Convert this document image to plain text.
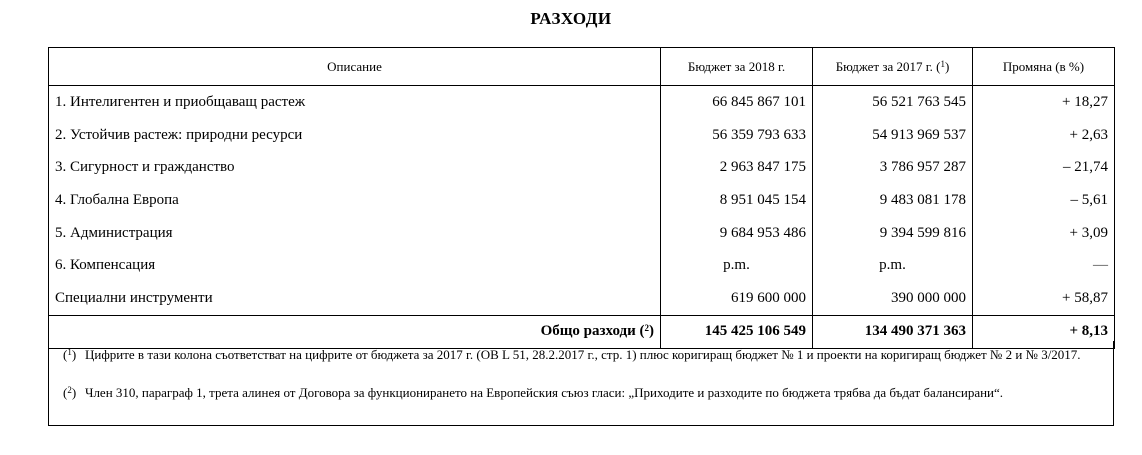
РАЗХОДИ
Описание	Бюджет за 2018 г.	Бюджет за 2017 г. ($^1$)	Промяна (в %)
1. Интелигентен и приобщаващ растеж	66 845 867 101	56 521 763 545	+ 18,27
2. Устойчив растеж: природни ресурси	56 359 793 633	54 913 969 537	+ 2,63
3. Сигурност и гражданство	2 963 847 175	3 786 957 287	– 21,74
4. Глобална Европа	8 951 045 154	9 483 081 178	– 5,61
5. Администрация	9 684 953 486	9 394 599 816	+ 3,09
6. Компенсация	p.m.	p.m.	—
Специални инструменти	619 600 000	390 000 000	+ 58,87
Общо разходи ($^2$)	145 425 106 549	134 490 371 363	+ 8,13
($^1$) Цифрите в тази колона съответстват на цифрите от бюджета за 2017 г. (OB L 51, 28.2.2017 г., стр. 1) плюс коригиращ бюджет № 1 и проекти на коригиращ бюджет № 2 и № 3/2017.
($^2$) Член 310, параграф 1, трета алинея от Договора за функционирането на Европейския съюз гласи: „Приходите и разходите по бюджета трябва да бъдат балансирани“.
